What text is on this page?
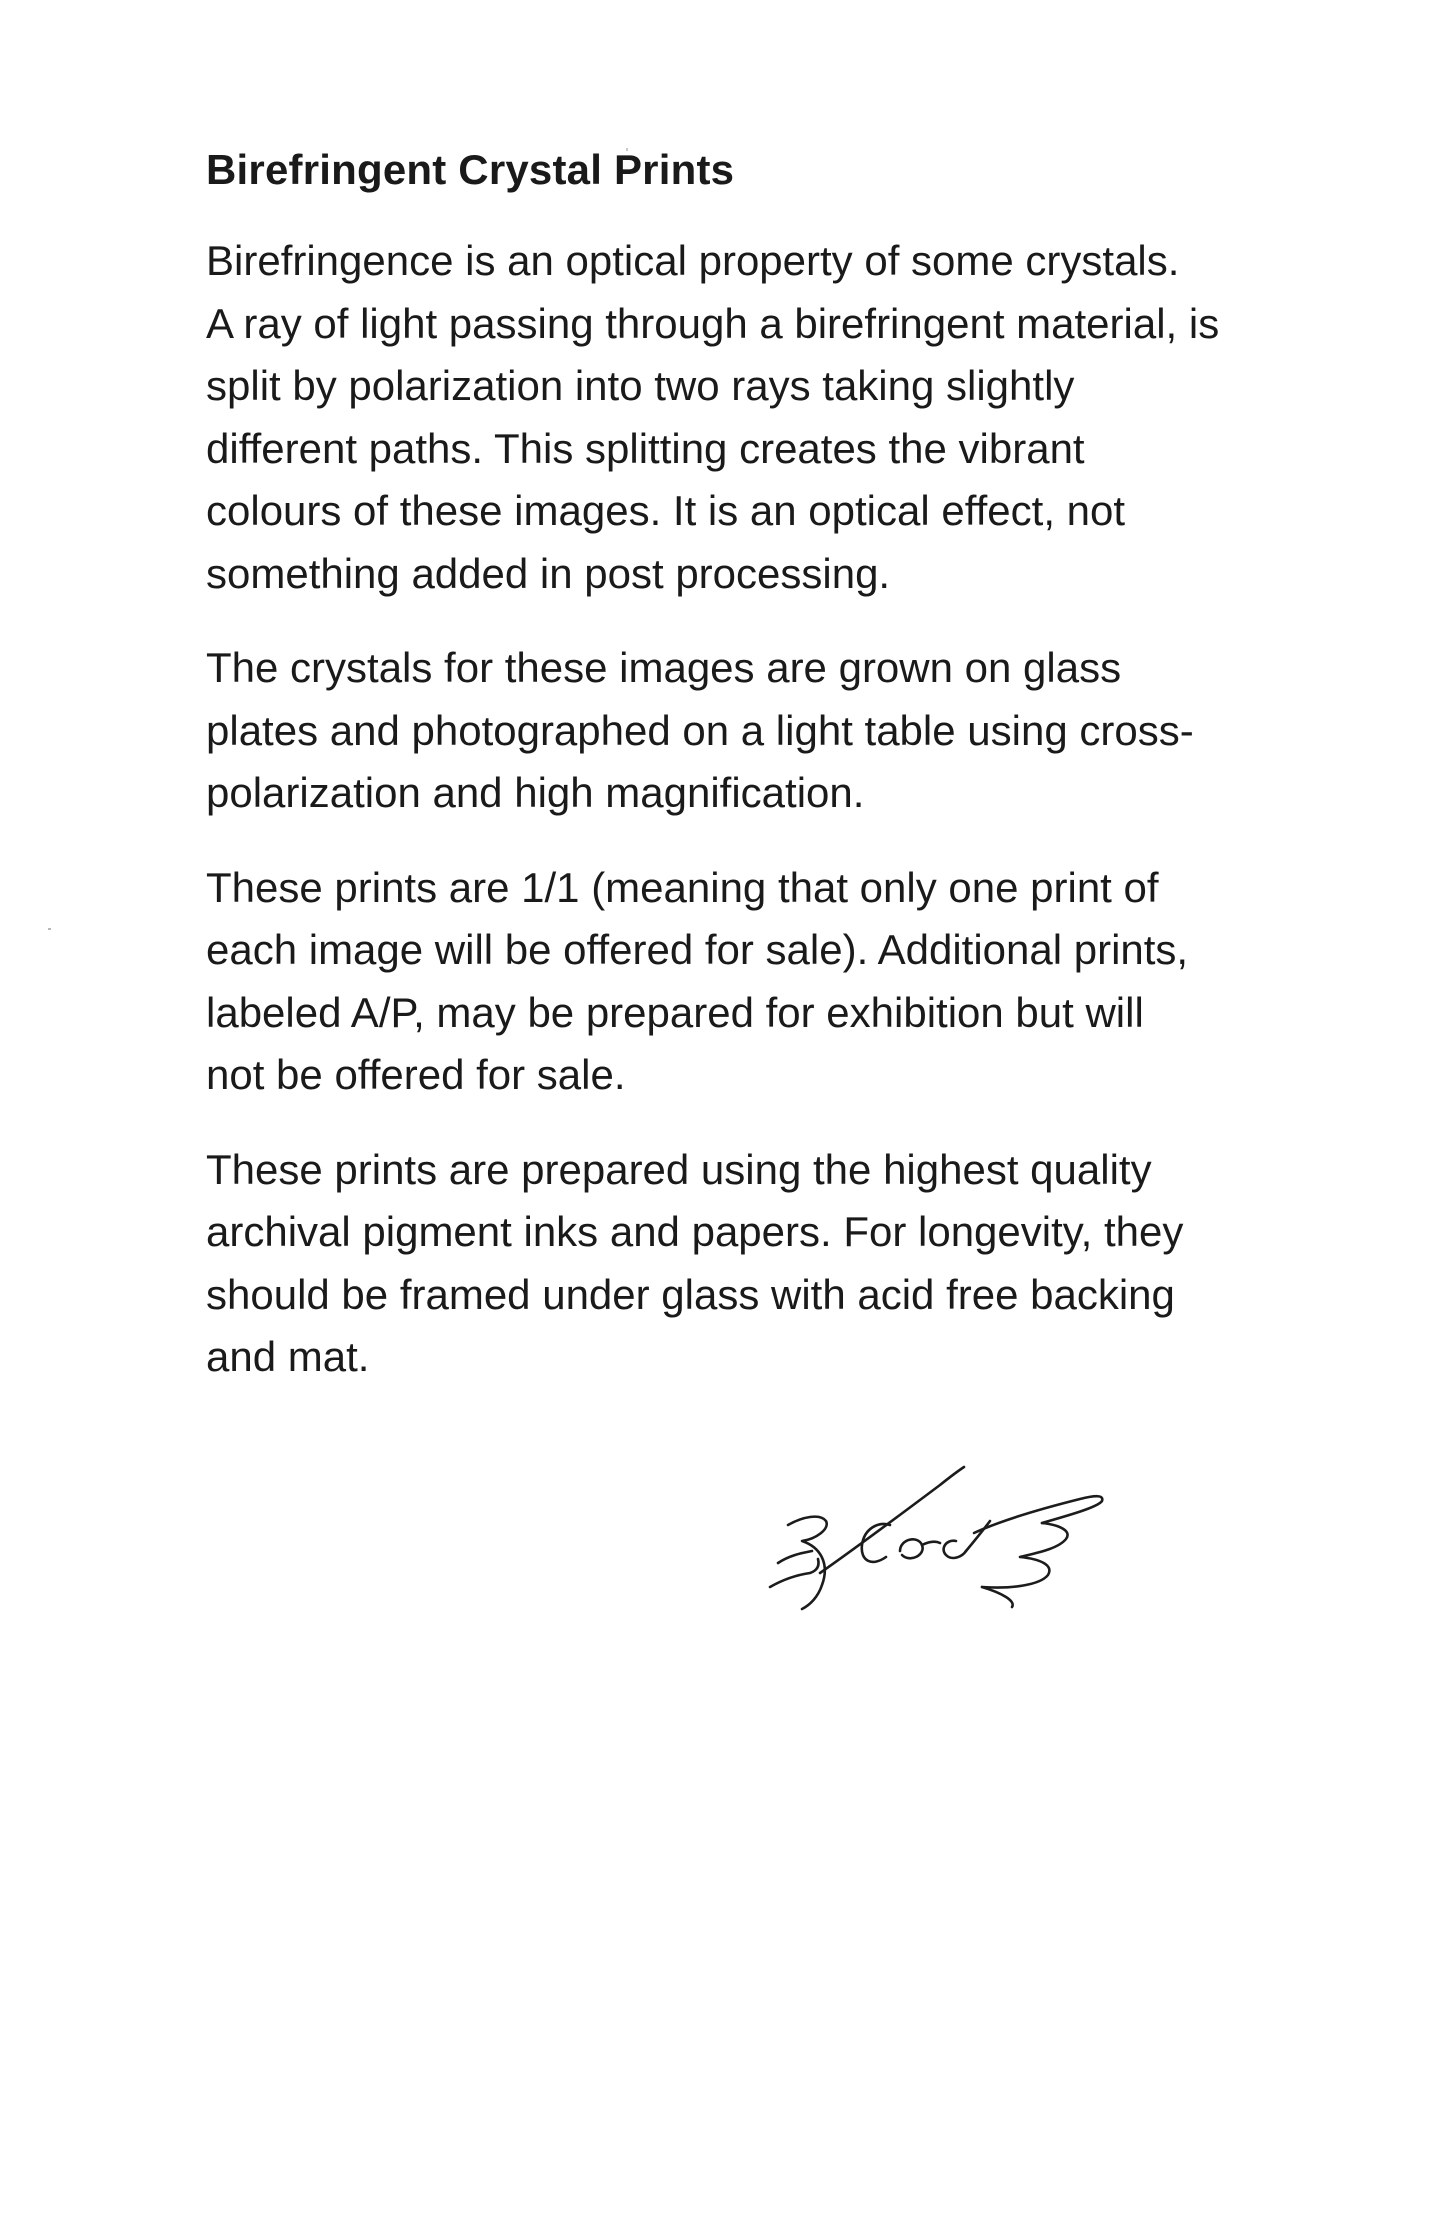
Birefringent Crystal Prints
Birefringence is an optical property of some crystals.
A ray of light passing through a birefringent material, is
split by polarization into two rays taking slightly
different paths. This splitting creates the vibrant
colours of these images. It is an optical effect, not
something added in post processing.
The crystals for these images are grown on glass
plates and photographed on a light table using cross-
polarization and high magnification.
These prints are 1/1 (meaning that only one print of
each image will be offered for sale). Additional prints,
labeled A/P, may be prepared for exhibition but will
not be offered for sale.
These prints are prepared using the highest quality
archival pigment inks and papers. For longevity, they
should be framed under glass with acid free backing
and mat.
